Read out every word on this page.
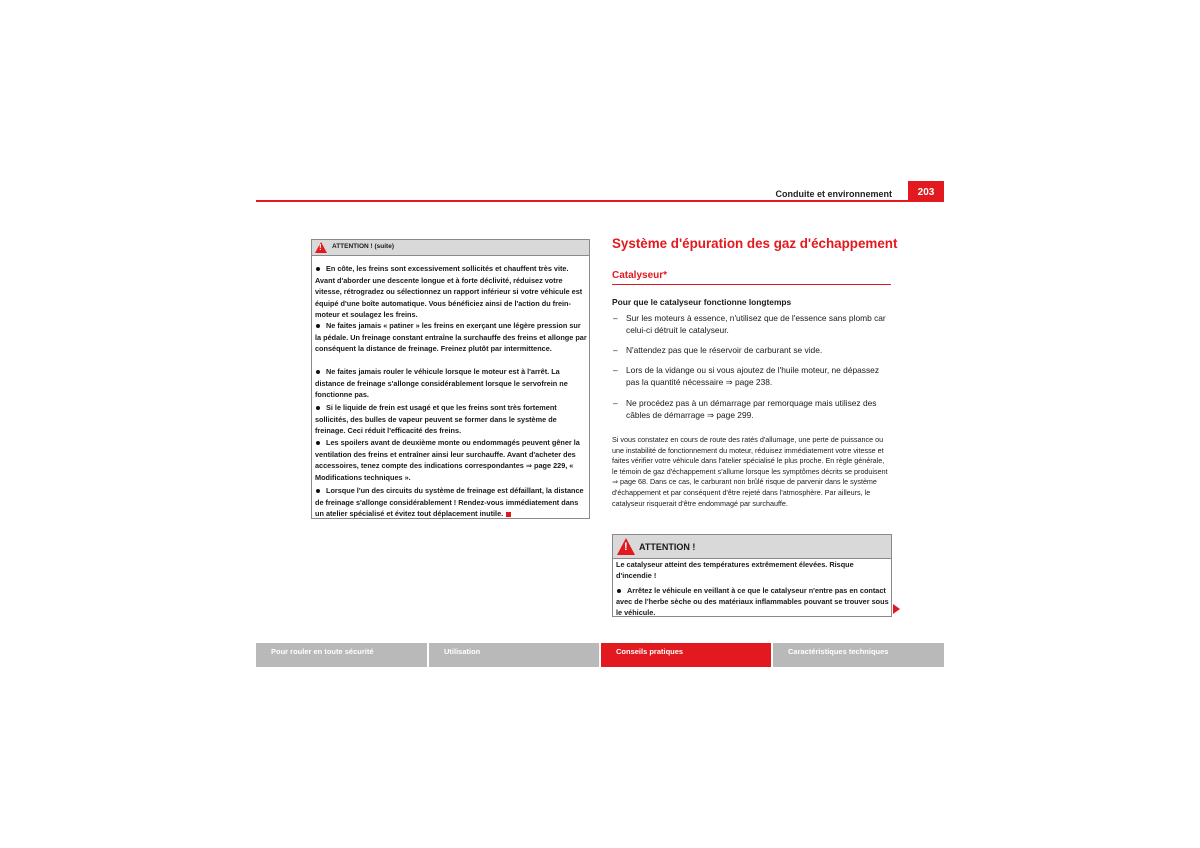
Conduite et environnement	203
!
ATTENTION ! (suite)
En côte, les freins sont excessivement sollicités et chauffent très vite. Avant d'aborder une descente longue et à forte déclivité, réduisez votre vitesse, rétrogradez ou sélectionnez un rapport inférieur si votre véhicule est équipé d'une boîte automatique. Vous bénéficiez ainsi de l'action du frein-moteur et soulagez les freins.
Ne faites jamais « patiner » les freins en exerçant une légère pression sur la pédale. Un freinage constant entraîne la surchauffe des freins et allonge par conséquent la distance de freinage. Freinez plutôt par intermittence.
Ne faites jamais rouler le véhicule lorsque le moteur est à l'arrêt. La distance de freinage s'allonge considérablement lorsque le servofrein ne fonctionne pas.
Si le liquide de frein est usagé et que les freins sont très fortement sollicités, des bulles de vapeur peuvent se former dans le système de freinage. Ceci réduit l'efficacité des freins.
Les spoilers avant de deuxième monte ou endommagés peuvent gêner la ventilation des freins et entraîner ainsi leur surchauffe. Avant d'acheter des accessoires, tenez compte des indications correspondantes ⇒ page 229, « Modifications techniques ».
Lorsque l'un des circuits du système de freinage est défaillant, la distance de freinage s'allonge considérablement ! Rendez-vous immédiatement dans un atelier spécialisé et évitez tout déplacement inutile.
Système d'épuration des gaz d'échappement
Catalyseur*
Pour que le catalyseur fonctionne longtemps
– Sur les moteurs à essence, n'utilisez que de l'essence sans plomb car celui-ci détruit le catalyseur.
– N'attendez pas que le réservoir de carburant se vide.
– Lors de la vidange ou si vous ajoutez de l'huile moteur, ne dépassez pas la quantité nécessaire ⇒ page 238.
– Ne procédez pas à un démarrage par remorquage mais utilisez des câbles de démarrage ⇒ page 299.
Si vous constatez en cours de route des ratés d'allumage, une perte de puissance ou une instabilité de fonctionnement du moteur, réduisez immédiatement votre vitesse et faites vérifier votre véhicule dans l'atelier spécialisé le plus proche. En règle générale, le témoin de gaz d'échappement s'allume lorsque les symptômes décrits se produisent ⇒ page 68. Dans ce cas, le carburant non brûlé risque de parvenir dans le système d'échappement et par conséquent d'être rejeté dans l'atmosphère. Par ailleurs, le catalyseur risquerait d'être endommagé par surchauffe.
!
ATTENTION !
Le catalyseur atteint des températures extrêmement élevées. Risque d'incendie !
Arrêtez le véhicule en veillant à ce que le catalyseur n'entre pas en contact avec de l'herbe sèche ou des matériaux inflammables pouvant se trouver sous le véhicule.
Pour rouler en toute sécurité	Utilisation	Conseils pratiques	Caractéristiques techniques
